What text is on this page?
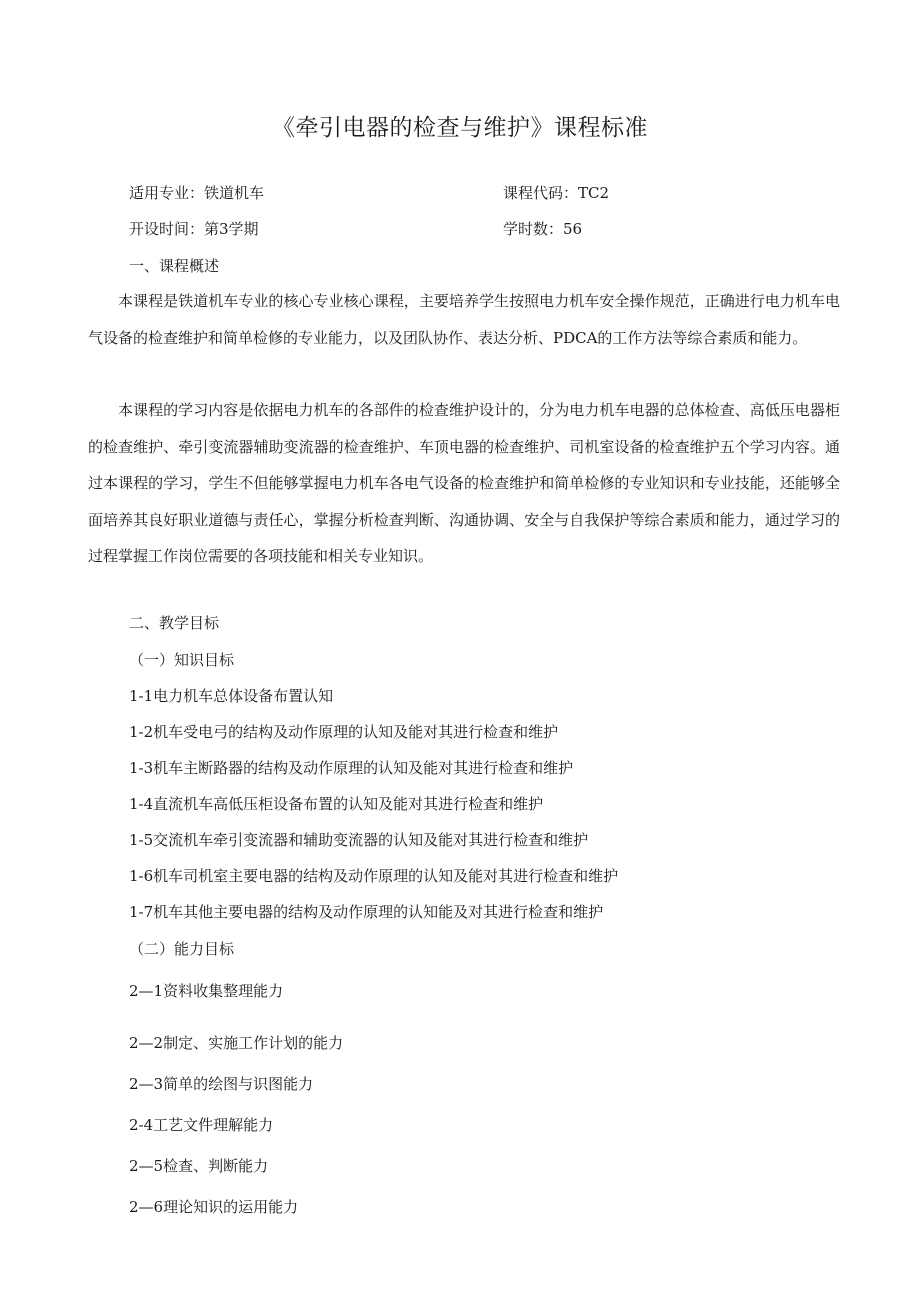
《牵引电器的检查与维护》课程标准
适用专业：铁道机车	课程代码：TC2
开设时间：第3学期	学时数：56
一、课程概述

本课程是铁道机车专业的核心专业核心课程，主要培养学生按照电力机车安全操作规范，正确进行电力机车电气设备的检查维护和简单检修的专业能力，以及团队协作、表达分析、PDCA的工作方法等综合素质和能力。

本课程的学习内容是依据电力机车的各部件的检查维护设计的，分为电力机车电器的总体检查、高低压电器柜的检查维护、牵引变流器辅助变流器的检查维护、车顶电器的检查维护、司机室设备的检查维护五个学习内容。通过本课程的学习，学生不但能够掌握电力机车各电气设备的检查维护和简单检修的专业知识和专业技能，还能够全面培养其良好职业道德与责任心，掌握分析检查判断、沟通协调、安全与自我保护等综合素质和能力，通过学习的过程掌握工作岗位需要的各项技能和相关专业知识。

二、教学目标
（一）知识目标
1-1电力机车总体设备布置认知
1-2机车受电弓的结构及动作原理的认知及能对其进行检查和维护
1-3机车主断路器的结构及动作原理的认知及能对其进行检查和维护
1-4直流机车高低压柜设备布置的认知及能对其进行检查和维护
1-5交流机车牵引变流器和辅助变流器的认知及能对其进行检查和维护
1-6机车司机室主要电器的结构及动作原理的认知及能对其进行检查和维护
1-7机车其他主要电器的结构及动作原理的认知能及对其进行检查和维护
（二）能力目标
2—1资料收集整理能力
2—2制定、实施工作计划的能力
2—3简单的绘图与识图能力
2-4工艺文件理解能力
2—5检查、判断能力
2—6理论知识的运用能力
